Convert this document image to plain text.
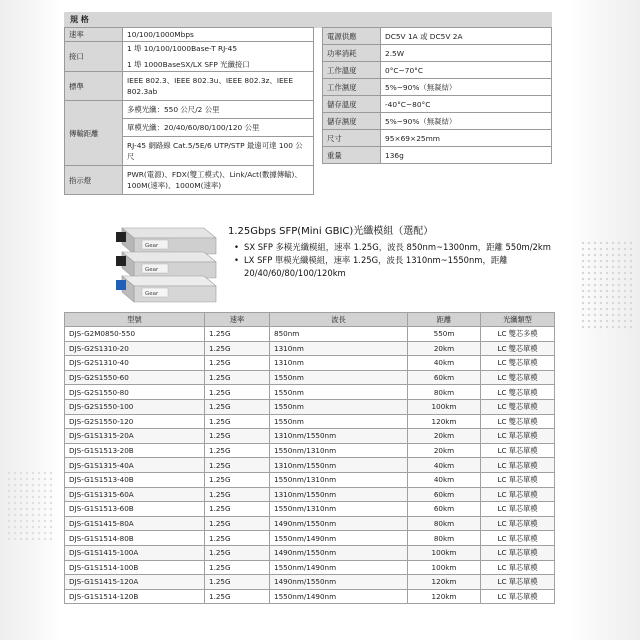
規 格
速率	10/100/1000Mbps
接口	1 埠 10/100/1000Base-T RJ-45
1 埠 1000BaseSX/LX SFP 光纖接口

標準	IEEE 802.3、IEEE 802.3u、IEEE 802.3z、IEEE 802.3ab
傳輸距離	多模光纖：550 公尺/2 公里
	單模光纖：20/40/60/80/100/120 公里
	RJ-45 網路線 Cat.5/5E/6 UTP/STP 最遠可達 100 公尺
指示燈	PWR(電源)、FDX(雙工模式)、Link/Act(數據傳輸)、100M(速率)、1000M(速率)
電源供應	DC5V 1A 或 DC5V 2A
功率消耗	2.5W
工作溫度	0°C~70°C
工作濕度	5%~90%（無凝結）
儲存溫度	-40°C~80°C
儲存濕度	5%~90%（無凝結）
尺寸	95×69×25mm
重量	136g
Gear
Gear
Gear
1.25Gbps SFP(Mini GBIC)光纖模組（選配）
• SX SFP 多模光纖模組，速率 1.25G，波長 850nm~1300nm，距離 550m/2km
• LX SFP 單模光纖模組，速率 1.25G，波長 1310nm~1550nm，距離 20/40/60/80/100/120km
型號	速率	波長	距離	光纖類型
DJS-G2M0850-550	1.25G	850nm	550m	LC 雙芯多模
DJS-G2S1310-20	1.25G	1310nm	20km	LC 雙芯單模
DJS-G2S1310-40	1.25G	1310nm	40km	LC 雙芯單模
DJS-G2S1550-60	1.25G	1550nm	60km	LC 雙芯單模
DJS-G2S1550-80	1.25G	1550nm	80km	LC 雙芯單模
DJS-G2S1550-100	1.25G	1550nm	100km	LC 雙芯單模
DJS-G2S1550-120	1.25G	1550nm	120km	LC 雙芯單模
DJS-G1S1315-20A	1.25G	1310nm/1550nm	20km	LC 單芯單模
DJS-G1S1513-20B	1.25G	1550nm/1310nm	20km	LC 單芯單模
DJS-G1S1315-40A	1.25G	1310nm/1550nm	40km	LC 單芯單模
DJS-G1S1513-40B	1.25G	1550nm/1310nm	40km	LC 單芯單模
DJS-G1S1315-60A	1.25G	1310nm/1550nm	60km	LC 單芯單模
DJS-G1S1513-60B	1.25G	1550nm/1310nm	60km	LC 單芯單模
DJS-G1S1415-80A	1.25G	1490nm/1550nm	80km	LC 單芯單模
DJS-G1S1514-80B	1.25G	1550nm/1490nm	80km	LC 單芯單模
DJS-G1S1415-100A	1.25G	1490nm/1550nm	100km	LC 單芯單模
DJS-G1S1514-100B	1.25G	1550nm/1490nm	100km	LC 單芯單模
DJS-G1S1415-120A	1.25G	1490nm/1550nm	120km	LC 單芯單模
DJS-G1S1514-120B	1.25G	1550nm/1490nm	120km	LC 單芯單模
